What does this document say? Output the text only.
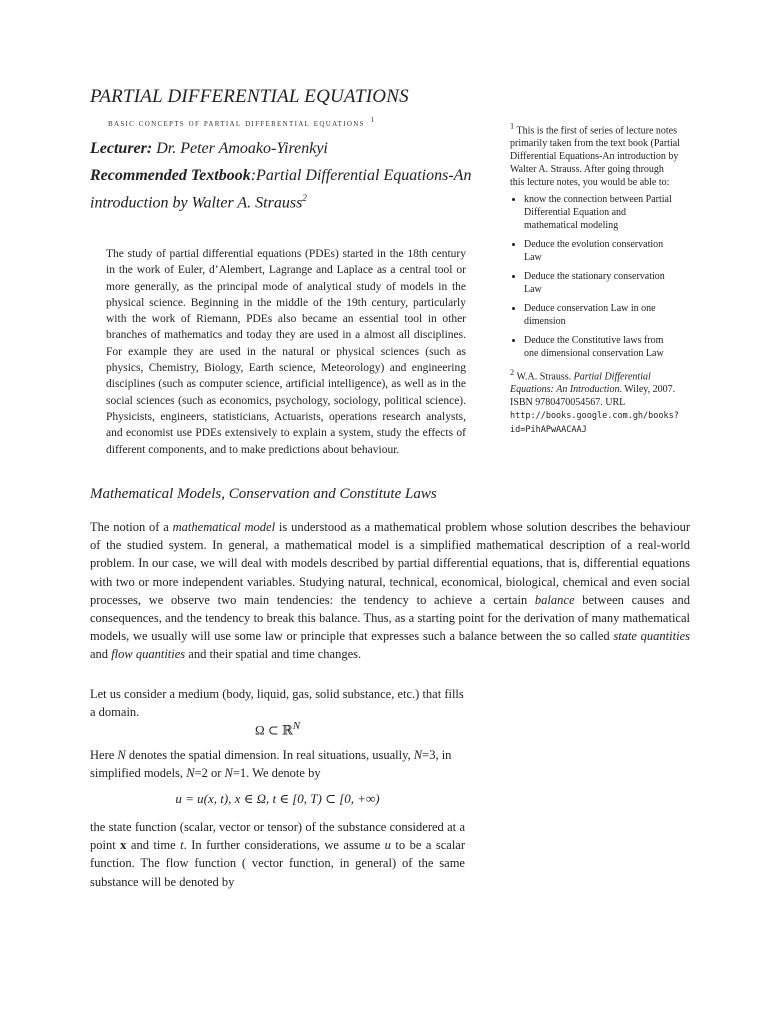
PARTIAL DIFFERENTIAL EQUATIONS
basic concepts of partial differential equations $^1$
Lecturer: Dr. Peter Amoako-Yirenkyi
Recommended Textbook:Partial Differential Equations-An introduction by Walter A. Strauss$^2$
The study of partial differential equations (PDEs) started in the 18th century in the work of Euler, d’Alembert, Lagrange and Laplace as a central tool or more generally, as the principal mode of analytical study of models in the physical science. Beginning in the middle of the 19th century, particularly with the work of Riemann, PDEs also became an essential tool in other branches of mathematics and today they are used in a almost all disciplines. For example they are used in the natural or physical sciences (such as physics, Chemistry, Biology, Earth science, Meteorology) and engineering disciplines (such as computer science, artificial intelligence), as well as in the social sciences (such as economics, psychology, sociology, political science). Physicists, engineers, statisticians, Actuarists, operations research analysts, and economist use PDEs extensively to explain a system, study the effects of different components, and to make predictions about behaviour.
$^1$ This is the first of series of lecture notes primarily taken from the text book (Partial Differential Equations-An introduction by Walter A. Strauss. After going through this lecture notes, you would be able to:
• know the connection between Partial Differential Equation and mathematical modeling
• Deduce the evolution conservation Law
• Deduce the stationary conservation Law
• Deduce conservation Law in one dimension
• Deduce the Constitutive laws from one dimensional conservation Law
$^2$ W.A. Strauss. Partial Differential Equations: An Introduction. Wiley, 2007. ISBN 9780470054567. URL
http://books.google.com.gh/books?id=PihAPwAACAAJ
Mathematical Models, Conservation and Constitute Laws
The notion of a mathematical model is understood as a mathematical problem whose solution describes the behaviour of the studied system. In general, a mathematical model is a simplified mathematical description of a real-world problem. In our case, we will deal with models described by partial differential equations, that is, differential equations with two or more independent variables. Studying natural, technical, economical, biological, chemical and even social processes, we observe two main tendencies: the tendency to achieve a certain balance between causes and consequences, and the tendency to break this balance. Thus, as a starting point for the derivation of many mathematical models, we usually will use some law or principle that expresses such a balance between the so called state quantities and flow quantities and their spatial and time changes.
Let us consider a medium (body, liquid, gas, solid substance, etc.) that fills a domain.
Ω ⊂ ℝ$^N$
Here N denotes the spatial dimension. In real situations, usually, N=3, in simplified models, N=2 or N=1. We denote by
u = u(x, t), x ∈ Ω, t ∈ [0, T) ⊂ [0, +∞)
the state function (scalar, vector or tensor) of the substance considered at a point x and time t. In further considerations, we assume u to be a scalar function. The flow function ( vector function, in general) of the same substance will be denoted by
